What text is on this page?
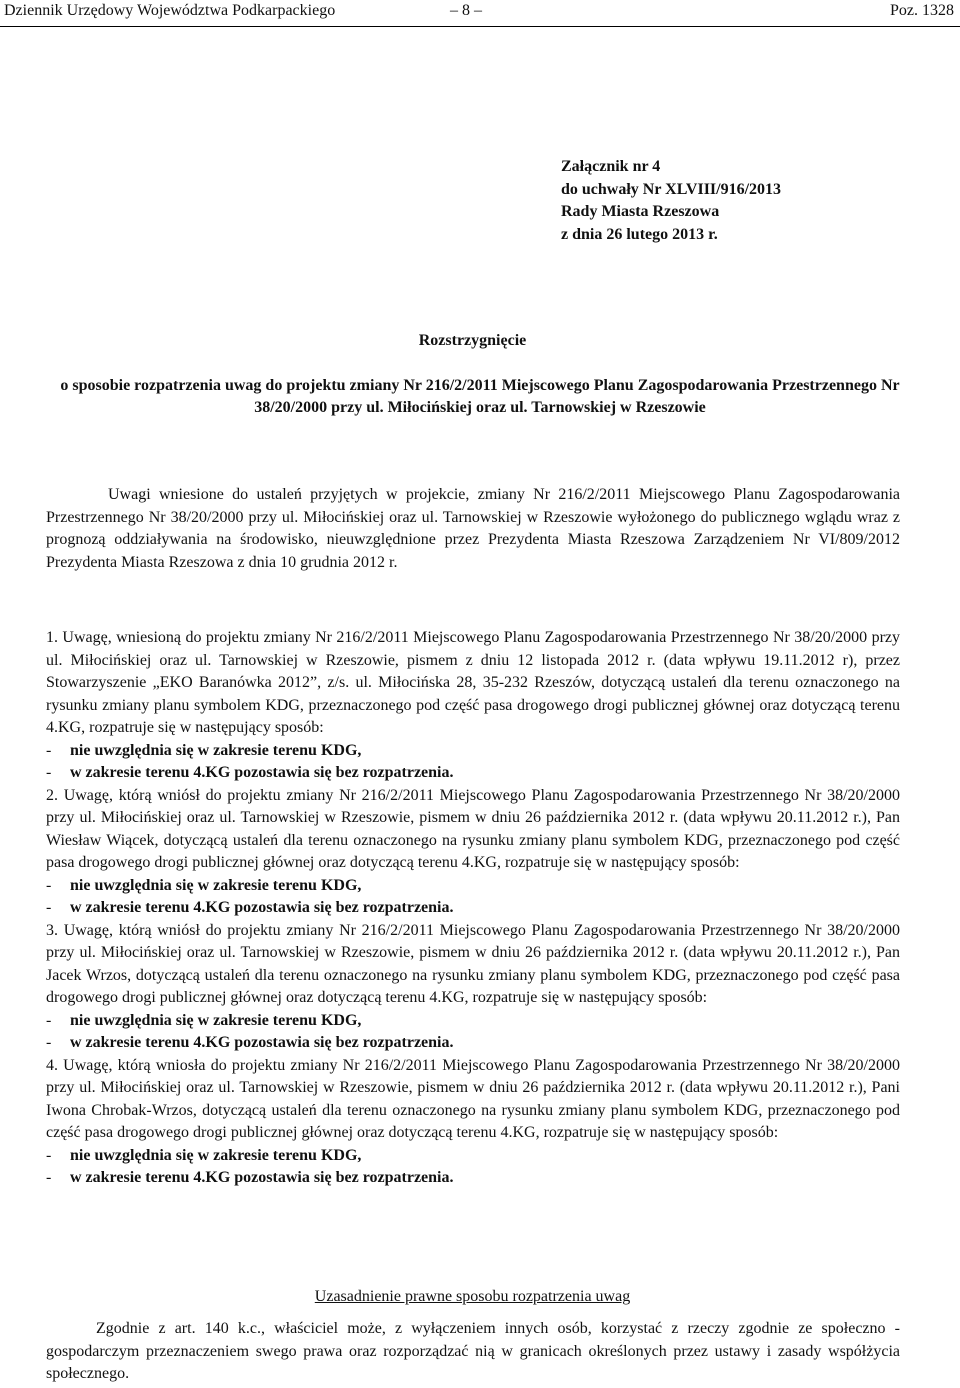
Dziennik Urzędowy Województwa Podkarpackiego	– 8 –	Poz. 1328
Załącznik nr 4
do uchwały Nr XLVIII/916/2013
Rady Miasta Rzeszowa
z dnia 26 lutego 2013 r.
Rozstrzygnięcie
o sposobie rozpatrzenia uwag do projektu zmiany Nr 216/2/2011 Miejscowego Planu Zagospodarowania Przestrzennego Nr 38/20/2000 przy ul. Miłocińskiej oraz ul. Tarnowskiej w Rzeszowie
Uwagi wniesione do ustaleń przyjętych w projekcie, zmiany Nr 216/2/2011 Miejscowego Planu Zagospodarowania Przestrzennego Nr 38/20/2000 przy ul. Miłocińskiej oraz ul. Tarnowskiej w Rzeszowie wyłożonego do publicznego wglądu wraz z prognozą oddziaływania na środowisko, nieuwzględnione przez Prezydenta Miasta Rzeszowa Zarządzeniem Nr VI/809/2012 Prezydenta Miasta Rzeszowa z dnia 10 grudnia 2012 r.

1. Uwagę, wniesioną do projektu zmiany Nr 216/2/2011 Miejscowego Planu Zagospodarowania Przestrzennego Nr 38/20/2000 przy ul. Miłocińskiej oraz ul. Tarnowskiej w Rzeszowie, pismem z dniu 12 listopada 2012 r. (data wpływu 19.11.2012 r), przez Stowarzyszenie „EKO Baranówka 2012”, z/s. ul. Miłocińska 28, 35-232 Rzeszów, dotyczącą ustaleń dla terenu oznaczonego na rysunku zmiany planu symbolem KDG, przeznaczonego pod część pasa drogowego drogi publicznej głównej oraz dotyczącą terenu 4.KG, rozpatruje się w następujący sposób:

- nie uwzględnia się w zakresie terenu KDG,

- w zakresie terenu 4.KG pozostawia się bez rozpatrzenia.

2. Uwagę, którą wniósł do projektu zmiany Nr 216/2/2011 Miejscowego Planu Zagospodarowania Przestrzennego Nr 38/20/2000 przy ul. Miłocińskiej oraz ul. Tarnowskiej w Rzeszowie, pismem w dniu 26 października 2012 r. (data wpływu 20.11.2012 r.), Pan Wiesław Wiącek, dotyczącą ustaleń dla terenu oznaczonego na rysunku zmiany planu symbolem KDG, przeznaczonego pod część pasa drogowego drogi publicznej głównej oraz dotyczącą terenu 4.KG, rozpatruje się w następujący sposób:

- nie uwzględnia się w zakresie terenu KDG,

- w zakresie terenu 4.KG pozostawia się bez rozpatrzenia.

3. Uwagę, którą wniósł do projektu zmiany Nr 216/2/2011 Miejscowego Planu Zagospodarowania Przestrzennego Nr 38/20/2000 przy ul. Miłocińskiej oraz ul. Tarnowskiej w Rzeszowie, pismem w dniu 26 października 2012 r. (data wpływu 20.11.2012 r.), Pan Jacek Wrzos, dotyczącą ustaleń dla terenu oznaczonego na rysunku zmiany planu symbolem KDG, przeznaczonego pod część pasa drogowego drogi publicznej głównej oraz dotyczącą terenu 4.KG, rozpatruje się w następujący sposób:

- nie uwzględnia się w zakresie terenu KDG,

- w zakresie terenu 4.KG pozostawia się bez rozpatrzenia.

4. Uwagę, którą wniosła do projektu zmiany Nr 216/2/2011 Miejscowego Planu Zagospodarowania Przestrzennego Nr 38/20/2000 przy ul. Miłocińskiej oraz ul. Tarnowskiej w Rzeszowie, pismem w dniu 26 października 2012 r. (data wpływu 20.11.2012 r.), Pani Iwona Chrobak-Wrzos, dotyczącą ustaleń dla terenu oznaczonego na rysunku zmiany planu symbolem KDG, przeznaczonego pod część pasa drogowego drogi publicznej głównej oraz dotyczącą terenu 4.KG, rozpatruje się w następujący sposób:

- nie uwzględnia się w zakresie terenu KDG,

- w zakresie terenu 4.KG pozostawia się bez rozpatrzenia.

Uzasadnienie prawne sposobu rozpatrzenia uwag
Zgodnie z art. 140 k.c., właściciel może, z wyłączeniem innych osób, korzystać z rzeczy zgodnie ze społeczno - gospodarczym przeznaczeniem swego prawa oraz rozporządzać nią w granicach określonych przez ustawy i zasady współżycia społecznego.
